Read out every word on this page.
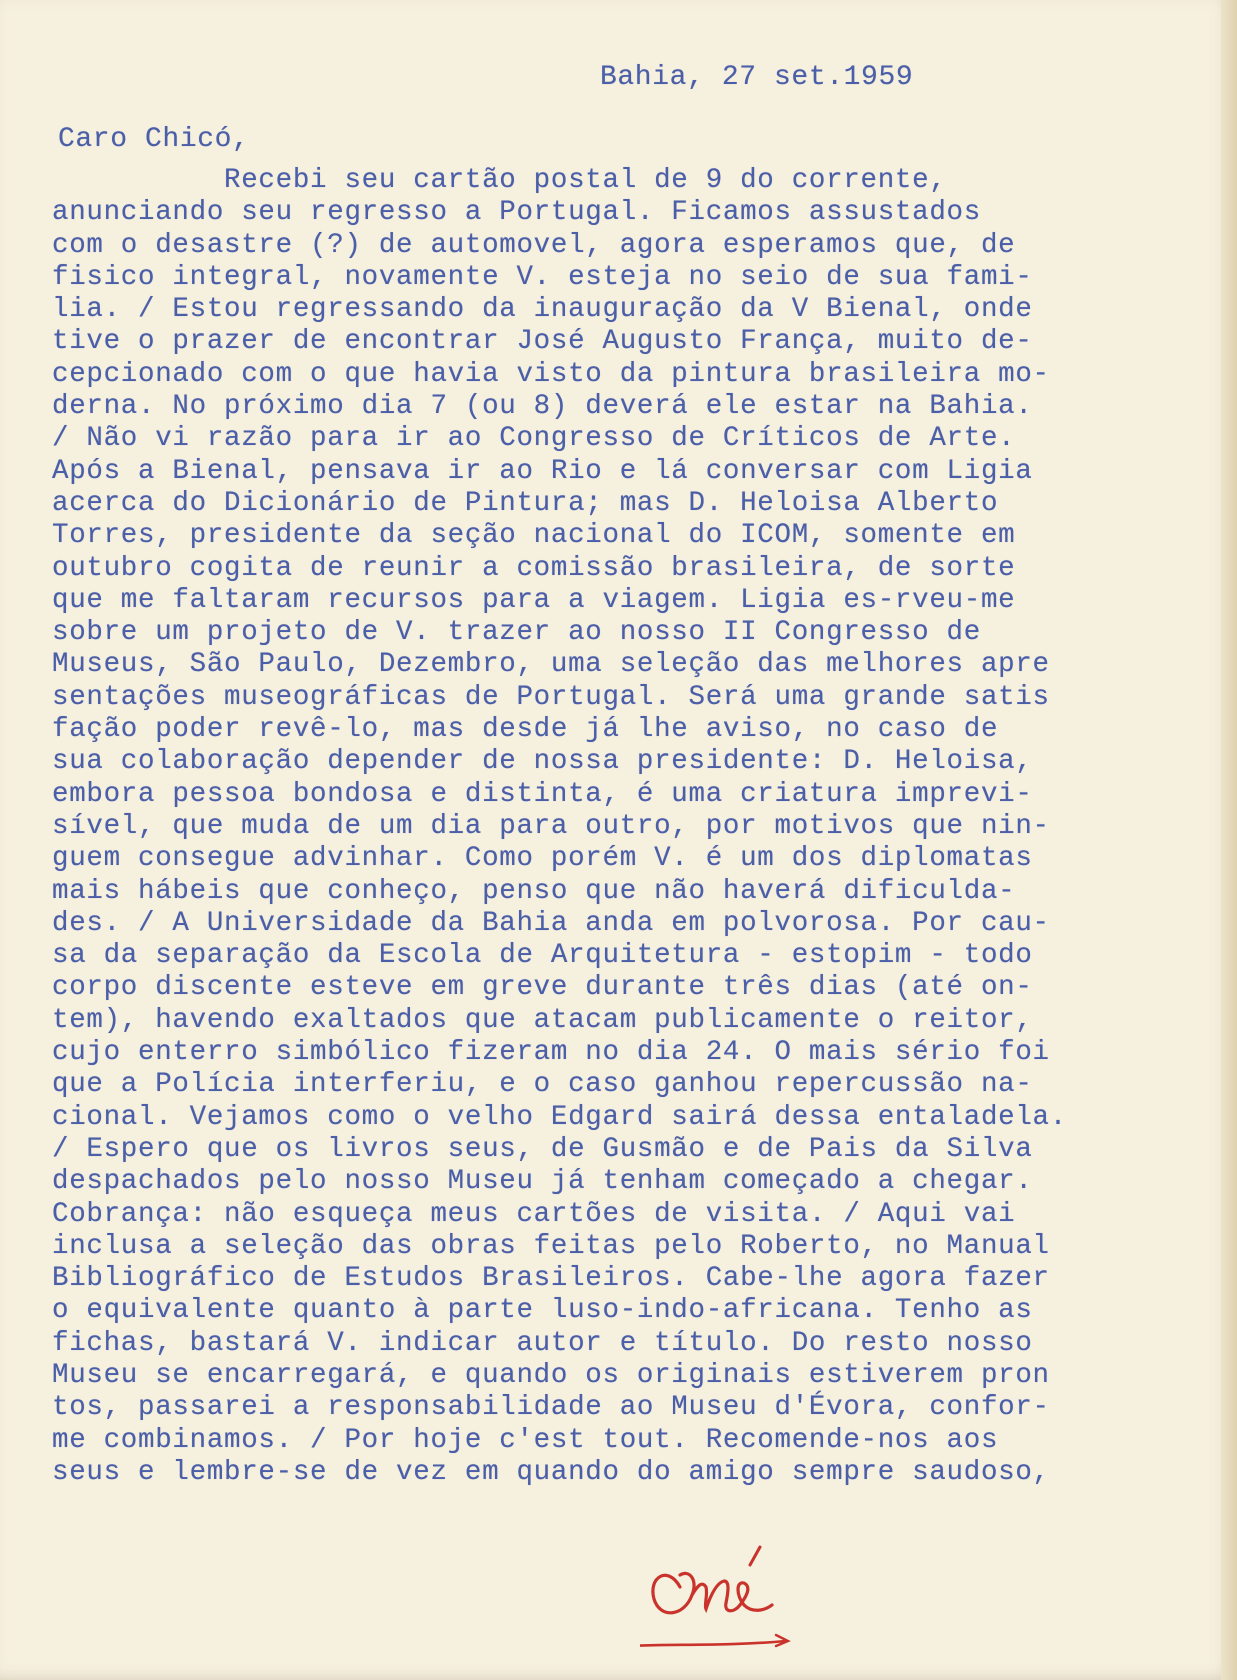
Bahia, 27 set.1959

Caro Chicó,

Recebi seu cartão postal de 9 do corrente,
anunciando seu regresso a Portugal. Ficamos assustados
com o desastre (?) de automovel, agora esperamos que, de
fisico integral, novamente V. esteja no seio de sua fami-
lia. / Estou regressando da inauguração da V Bienal, onde
tive o prazer de encontrar José Augusto França, muito de-
cepcionado com o que havia visto da pintura brasileira mo-
derna. No próximo dia 7 (ou 8) deverá ele estar na Bahia.
/ Não vi razão para ir ao Congresso de Críticos de Arte.
Após a Bienal, pensava ir ao Rio e lá conversar com Ligia
acerca do Dicionário de Pintura; mas D. Heloisa Alberto
Torres, presidente da seção nacional do ICOM, somente em
outubro cogita de reunir a comissão brasileira, de sorte
que me faltaram recursos para a viagem. Ligia es-rveu-me
sobre um projeto de V. trazer ao nosso II Congresso de
Museus, São Paulo, Dezembro, uma seleção das melhores apre
sentações museográficas de Portugal. Será uma grande satis
fação poder revê-lo, mas desde já lhe aviso, no caso de
sua colaboração depender de nossa presidente: D. Heloisa,
embora pessoa bondosa e distinta, é uma criatura imprevi-
sível, que muda de um dia para outro, por motivos que nin-
guem consegue advinhar. Como porém V. é um dos diplomatas
mais hábeis que conheço, penso que não haverá dificulda-
des. / A Universidade da Bahia anda em polvorosa. Por cau-
sa da separação da Escola de Arquitetura - estopim - todo
corpo discente esteve em greve durante três dias (até on-
tem), havendo exaltados que atacam publicamente o reitor,
cujo enterro simbólico fizeram no dia 24. O mais sério foi
que a Polícia interferiu, e o caso ganhou repercussão na-
cional. Vejamos como o velho Edgard sairá dessa entaladela.
/ Espero que os livros seus, de Gusmão e de Pais da Silva
despachados pelo nosso Museu já tenham começado a chegar.
Cobrança: não esqueça meus cartões de visita. / Aqui vai
inclusa a seleção das obras feitas pelo Roberto, no Manual
Bibliográfico de Estudos Brasileiros. Cabe-lhe agora fazer
o equivalente quanto à parte luso-indo-africana. Tenho as
fichas, bastará V. indicar autor e título. Do resto nosso
Museu se encarregará, e quando os originais estiverem pron
tos, passarei a responsabilidade ao Museu d'Évora, confor-
me combinamos. / Por hoje c'est tout. Recomende-nos aos
seus e lembre-se de vez em quando do amigo sempre saudoso,
